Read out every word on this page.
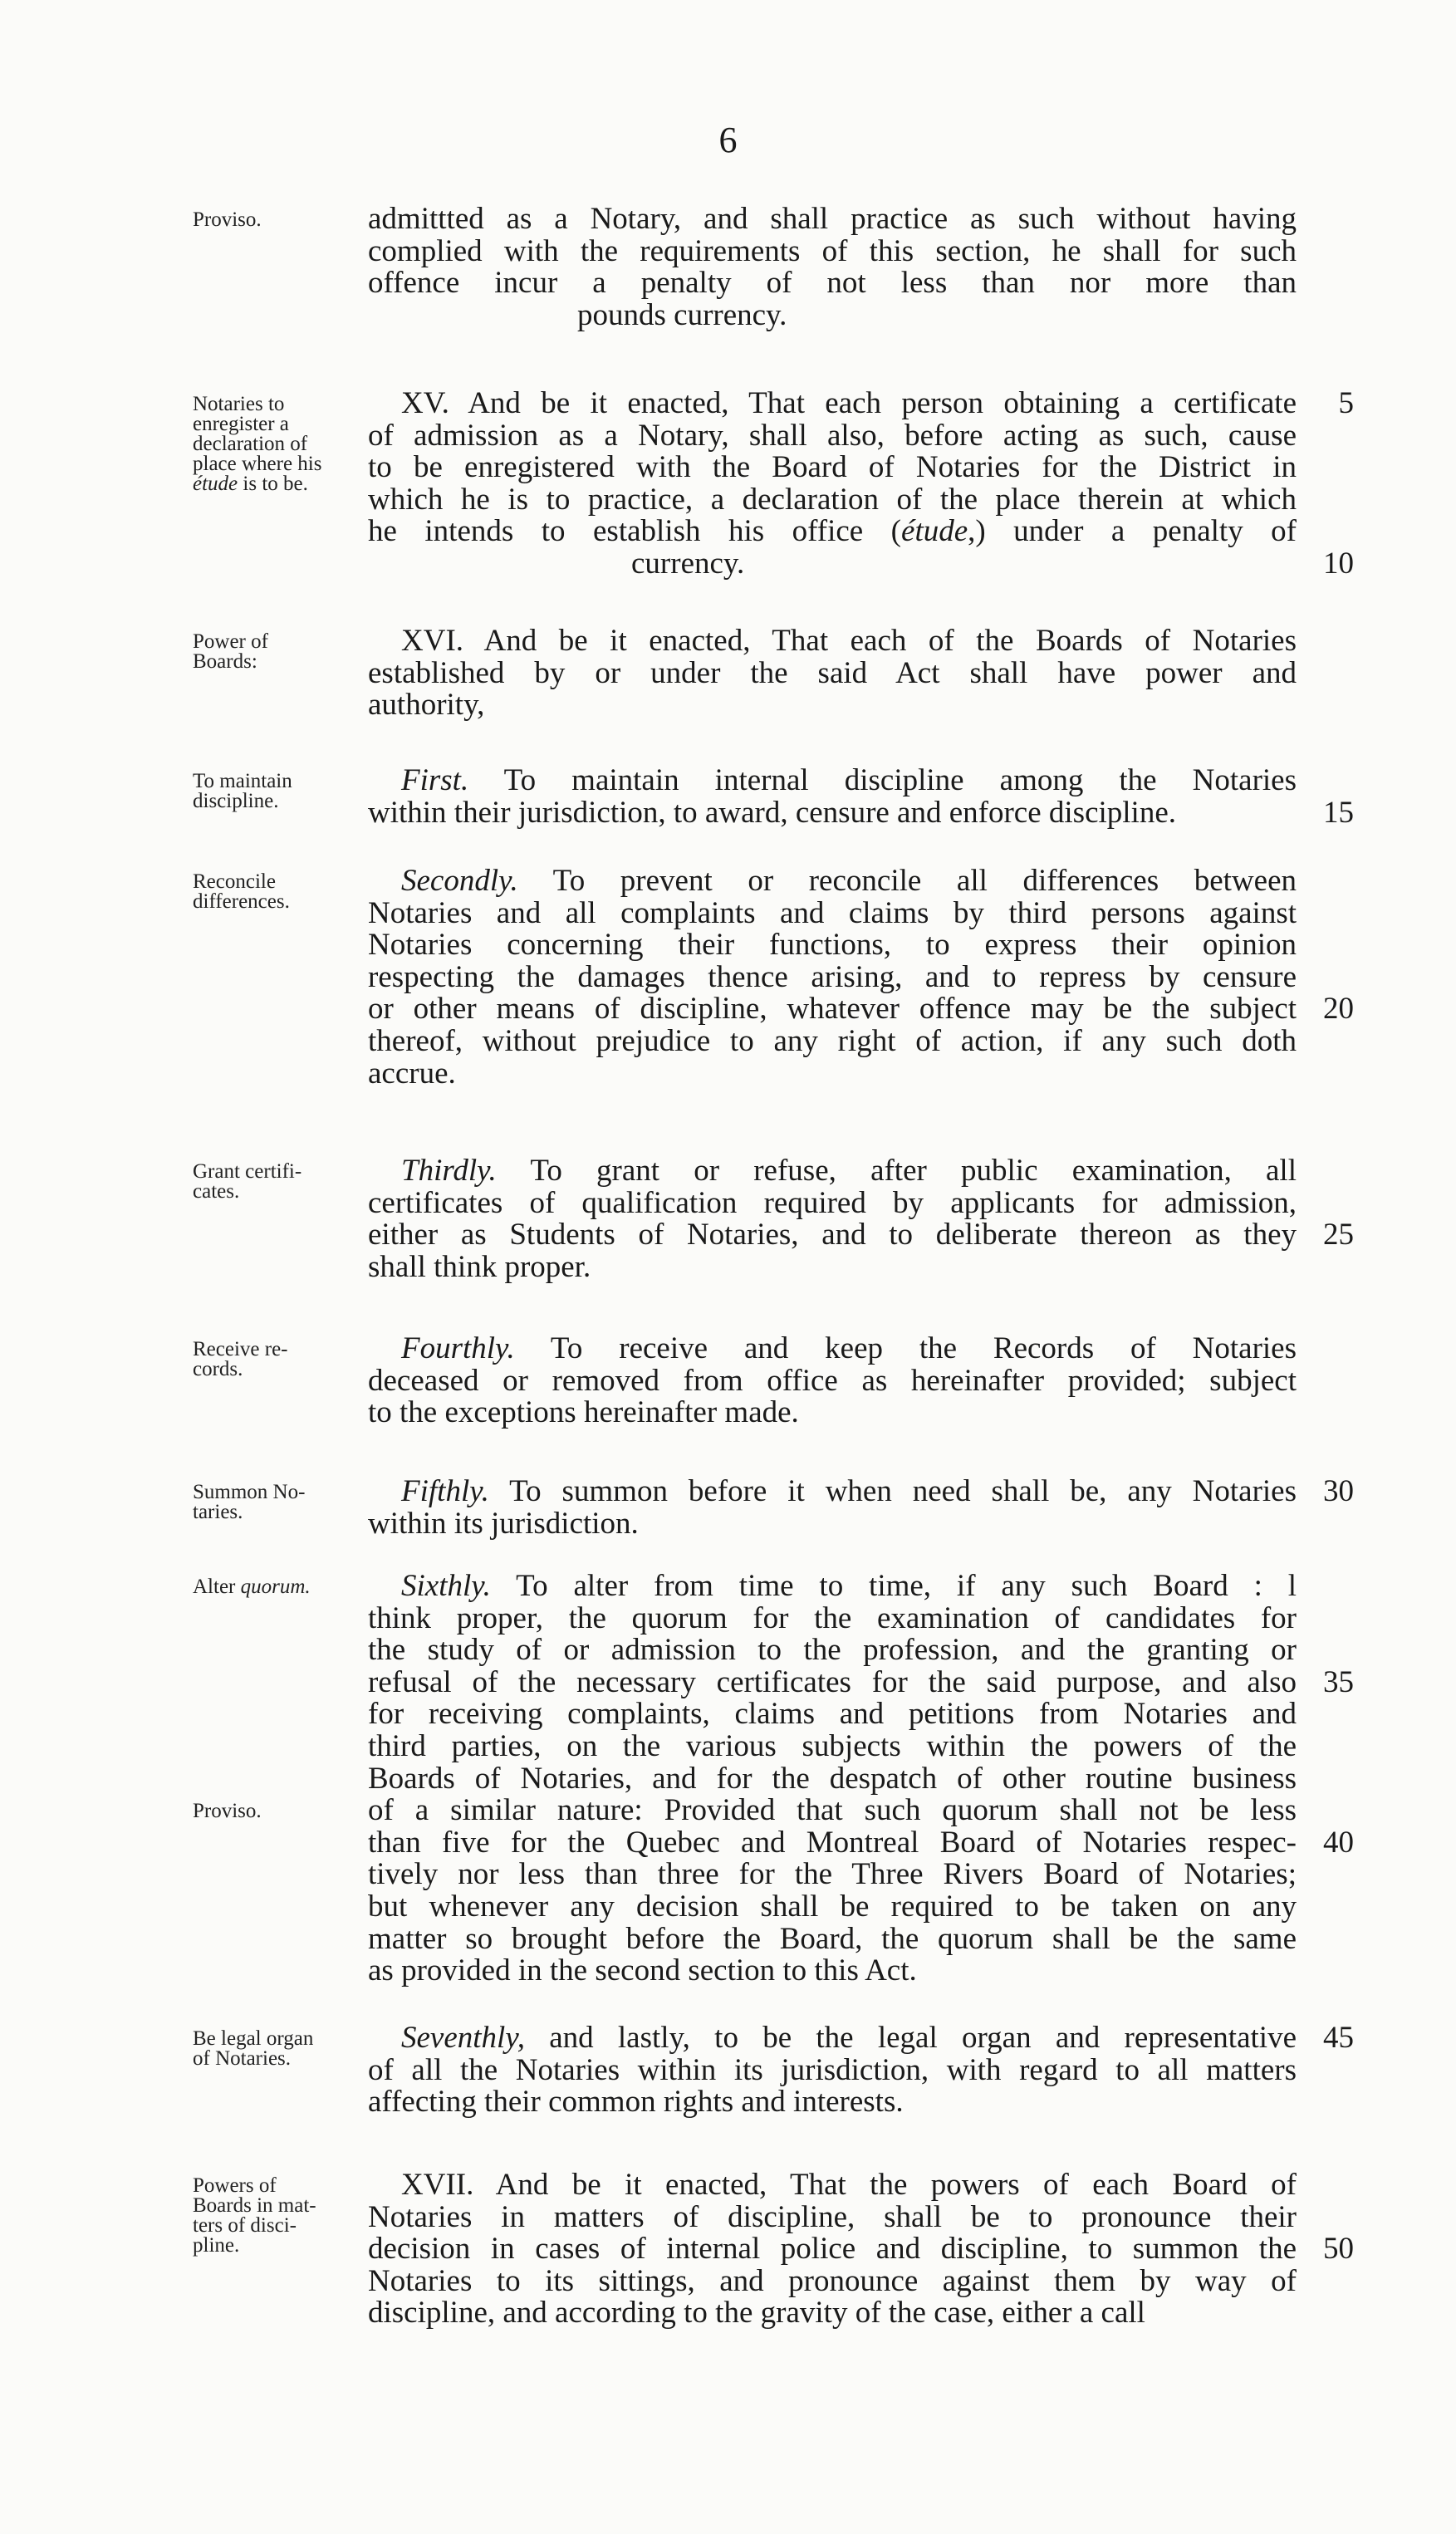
6
Proviso.	admittted as a Notary, and shall practice as such without having
complied with the requirements of this section, he shall for such
offence incur a penalty of not less than nor more than
pounds currency.
Notaries to
enregister a
declaration of
place where his
étude is to be.
XV. And be it enacted, That each person obtaining a certificate
of admission as a Notary, shall also, before acting as such, cause
to be enregistered with the Board of Notaries for the District in
which he is to practice, a declaration of the place therein at which
he intends to establish his office (étude,) under a penalty of
currency.
5
10
Power of
Boards:
XVI. And be it enacted, That each of the Boards of Notaries
established by or under the said Act shall have power and
authority,
To maintain
discipline.
First. To maintain internal discipline among the Notaries
within their jurisdiction, to award, censure and enforce discipline.	15
Reconcile
differences.
Secondly. To prevent or reconcile all differences between
Notaries and all complaints and claims by third persons against
Notaries concerning their functions, to express their opinion
respecting the damages thence arising, and to repress by censure
or other means of discipline, whatever offence may be the subject
thereof, without prejudice to any right of action, if any such doth
accrue.
20
Grant certifi-
cates.
Thirdly. To grant or refuse, after public examination, all
certificates of qualification required by applicants for admission,
either as Students of Notaries, and to deliberate thereon as they
shall think proper.
25
Receive re-
cords.
Fourthly. To receive and keep the Records of Notaries
deceased or removed from office as hereinafter provided; subject
to the exceptions hereinafter made.
Summon No-
taries.
Fifthly. To summon before it when need shall be, any Notaries
within its jurisdiction.
30
Alter quorum.
Proviso.
Sixthly. To alter from time to time, if any such Board : l
think proper, the quorum for the examination of candidates for
the study of or admission to the profession, and the granting or
refusal of the necessary certificates for the said purpose, and also
for receiving complaints, claims and petitions from Notaries and
third parties, on the various subjects within the powers of the
Boards of Notaries, and for the despatch of other routine business
of a similar nature: Provided that such quorum shall not be less
than five for the Quebec and Montreal Board of Notaries respec-
tively nor less than three for the Three Rivers Board of Notaries;
but whenever any decision shall be required to be taken on any
matter so brought before the Board, the quorum shall be the same
as provided in the second section to this Act.
35
40
Be legal organ
of Notaries.
Seventhly, and lastly, to be the legal organ and representative
of all the Notaries within its jurisdiction, with regard to all matters
affecting their common rights and interests.
45
Powers of
Boards in mat-
ters of disci-
pline.
XVII. And be it enacted, That the powers of each Board of
Notaries in matters of discipline, shall be to pronounce their
decision in cases of internal police and discipline, to summon the
Notaries to its sittings, and pronounce against them by way of
discipline, and according to the gravity of the case, either a call
50
